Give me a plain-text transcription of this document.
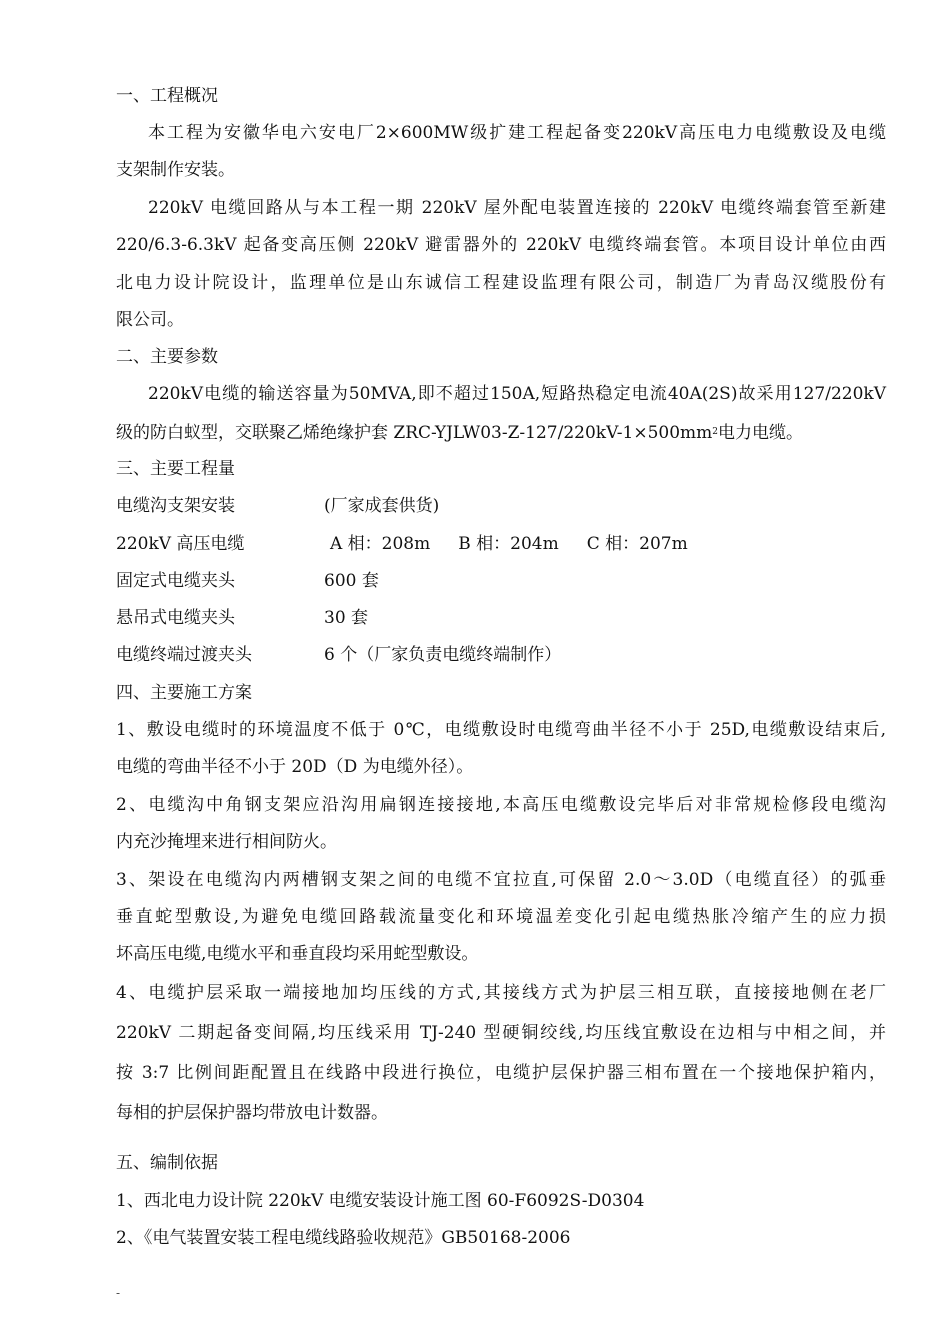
一、工程概况
本工程为安徽华电六安电厂2×600MW级扩建工程起备变220kV高压电力电缆敷设及电缆
支架制作安装。
220kV 电缆回路从与本工程一期 220kV 屋外配电装置连接的 220kV 电缆终端套管至新建
220/6.3-6.3kV 起备变高压侧 220kV 避雷器外的 220kV 电缆终端套管。本项目设计单位由西
北电力设计院设计，监理单位是山东诚信工程建设监理有限公司，制造厂为青岛汉缆股份有
限公司。
二、主要参数
220kV电缆的输送容量为50MVA,即不超过150A,短路热稳定电流40A(2S)故采用127/220kV
级的防白蚁型，交联聚乙烯绝缘护套 ZRC-$YJLW03-Z-127/220kV-1\times 500mm^2$电力电缆。
三、主要工程量
电缆沟支架安装	(厂家成套供货)
220kV 高压电缆	A 相：208m B 相：204m C 相：207m
固定式电缆夹头	600 套
悬吊式电缆夹头	30 套
电缆终端过渡夹头	6 个（厂家负责电缆终端制作）
四、主要施工方案
1、敷设电缆时的环境温度不低于 0℃，电缆敷设时电缆弯曲半径不小于 25D,电缆敷设结束后,
电缆的弯曲半径不小于 20D（D 为电缆外径）。
2、电缆沟中角钢支架应沿沟用扁钢连接接地,本高压电缆敷设完毕后对非常规检修段电缆沟
内充沙掩埋来进行相间防火。
3、架设在电缆沟内两槽钢支架之间的电缆不宜拉直,可保留 2.0～3.0D（电缆直径）的弧垂
垂直蛇型敷设,为避免电缆回路载流量变化和环境温差变化引起电缆热胀冷缩产生的应力损
坏高压电缆,电缆水平和垂直段均采用蛇型敷设。
4、电缆护层采取一端接地加均压线的方式,其接线方式为护层三相互联，直接接地侧在老厂
220kV 二期起备变间隔,均压线采用 TJ-240 型硬铜绞线,均压线宜敷设在边相与中相之间，并
按 3:7 比例间距配置且在线路中段进行换位，电缆护层保护器三相布置在一个接地保护箱内，
每相的护层保护器均带放电计数器。
五、编制依据
1、西北电力设计院 220kV 电缆安装设计施工图 60-F6092S-D0304
2、《电气装置安装工程电缆线路验收规范》GB50168-2006
-
